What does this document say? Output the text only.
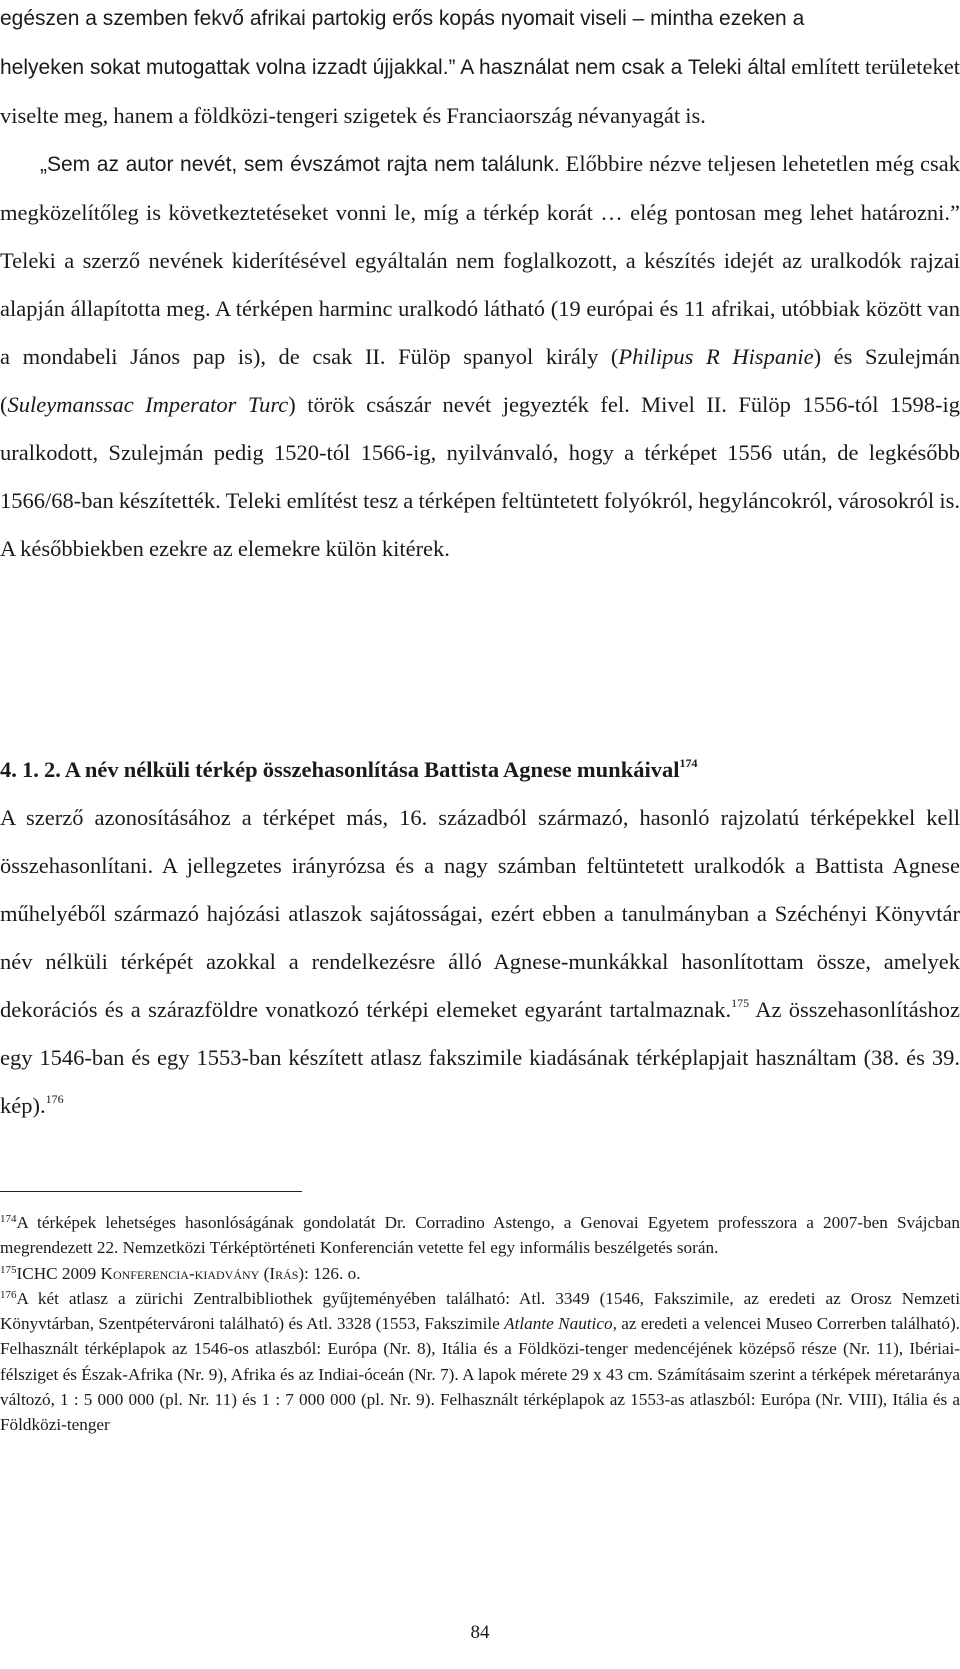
egészen a szemben fekvő afrikai partokig erős kopás nyomait viseli – mintha ezeken a
helyeken sokat mutogattak volna izzadt újjakkal.” A használat nem csak a Teleki által említett területeket viselte meg, hanem a földközi-tengeri szigetek és Franciaország névanyagát is.

„Sem az autor nevét, sem évszámot rajta nem találunk. Előbbire nézve teljesen lehetetlen még csak megközelítőleg is következtetéseket vonni le, míg a térkép korát … elég pontosan meg lehet határozni.” Teleki a szerző nevének kiderítésével egyáltalán nem foglalkozott, a készítés idejét az uralkodók rajzai alapján állapította meg. A térképen harminc uralkodó látható (19 európai és 11 afrikai, utóbbiak között van a mondabeli János pap is), de csak II. Fülöp spanyol király (Philipus R Hispanie) és Szulejmán (Suleymanssac Imperator Turc) török császár nevét jegyezték fel. Mivel II. Fülöp 1556-tól 1598-ig uralkodott, Szulejmán pedig 1520-tól 1566-ig, nyilvánvaló, hogy a térképet 1556 után, de legkésőbb 1566/68-ban készítették. Teleki említést tesz a térképen feltüntetett folyókról, hegyláncokról, városokról is. A későbbiekben ezekre az elemekre külön kitérek.

4. 1. 2. A név nélküli térkép összehasonlítása Battista Agnese munkáival$^{174}$

A szerző azonosításához a térképet más, 16. századból származó, hasonló rajzolatú térképekkel kell összehasonlítani. A jellegzetes irányrózsa és a nagy számban feltüntetett uralkodók a Battista Agnese műhelyéből származó hajózási atlaszok sajátosságai, ezért ebben a tanulmányban a Széchényi Könyvtár név nélküli térképét azokkal a rendelkezésre álló Agnese-munkákkal hasonlítottam össze, amelyek dekorációs és a szárazföldre vonatkozó térképi elemeket egyaránt tartalmaznak.$^{175}$ Az összehasonlításhoz egy 1546-ban és egy 1553-ban készített atlasz fakszimile kiadásának térképlapjait használtam (38. és 39. kép).$^{176}$

$^{174}$A térképek lehetséges hasonlóságának gondolatát Dr. Corradino Astengo, a Genovai Egyetem professzora a 2007-ben Svájcban megrendezett 22. Nemzetközi Térképtörténeti Konferencián vetette fel egy informális beszélgetés során.

$^{175}$ICHC 2009 Konferencia-kiadvány (Irás): 126. o.

$^{176}$A két atlasz a zürichi Zentralbibliothek gyűjteményében található: Atl. 3349 (1546, Fakszimile, az eredeti az Orosz Nemzeti Könyvtárban, Szentpétervároni található) és Atl. 3328 (1553, Fakszimile Atlante Nautico, az eredeti a velencei Museo Correrben található). Felhasznált térképlapok az 1546-os atlaszból: Európa (Nr. 8), Itália és a Földközi-tenger medencéjének középső része (Nr. 11), Ibériai-félsziget és Észak-Afrika (Nr. 9), Afrika és az Indiai-óceán (Nr. 7). A lapok mérete 29 x 43 cm. Számításaim szerint a térképek méretaránya változó, 1 : 5 000 000 (pl. Nr. 11) és 1 : 7 000 000 (pl. Nr. 9). Felhasznált térképlapok az 1553-as atlaszból: Európa (Nr. VIII), Itália és a Földközi-tenger

84
